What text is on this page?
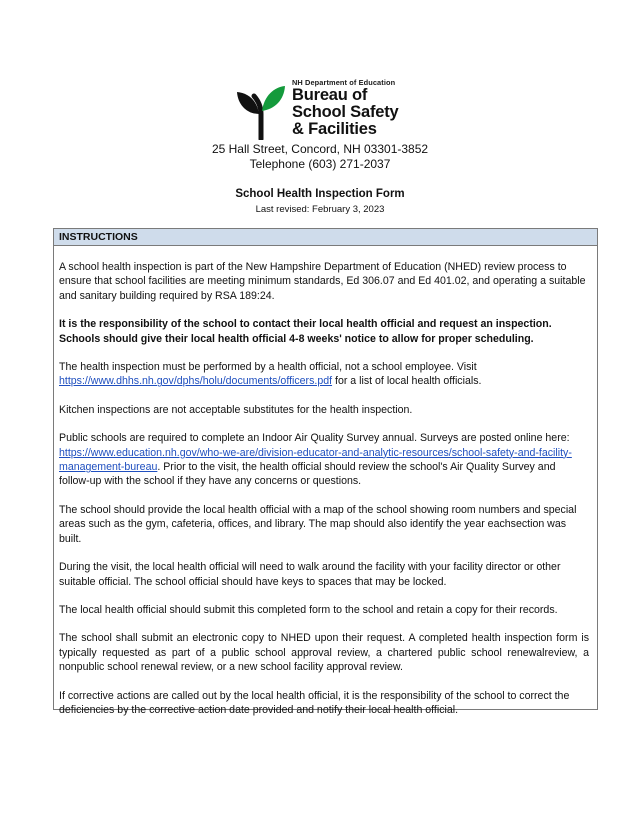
NH Department of Education
Bureau of
School Safety
& Facilities
25 Hall Street, Concord, NH 03301-3852
Telephone (603) 271-2037
School Health Inspection Form
Last revised: February 3, 2023
INSTRUCTIONS

A school health inspection is part of the New Hampshire Department of Education (NHED) review process to ensure that school facilities are meeting minimum standards, Ed 306.07 and Ed 401.02, and operating a suitable and sanitary building required by RSA 189:24.

It is the responsibility of the school to contact their local health official and request an inspection. Schools should give their local health official 4-8 weeks' notice to allow for proper scheduling.

The health inspection must be performed by a health official, not a school employee. Visit
https://www.dhhs.nh.gov/dphs/holu/documents/officers.pdf for a list of local health officials.

Kitchen inspections are not acceptable substitutes for the health inspection.

Public schools are required to complete an Indoor Air Quality Survey annual. Surveys are posted online here: https://www.education.nh.gov/who-we-are/division-educator-and-analytic-resources/school-safety-and-facility-management-bureau. Prior to the visit, the health official should review the school's Air Quality Survey and follow-up with the school if they have any concerns or questions.

The school should provide the local health official with a map of the school showing room numbers and special areas such as the gym, cafeteria, offices, and library. The map should also identify the year eachsection was built.

During the visit, the local health official will need to walk around the facility with your facility director or other suitable official. The school official should have keys to spaces that may be locked.

The local health official should submit this completed form to the school and retain a copy for their records.

The school shall submit an electronic copy to NHED upon their request. A completed health inspection form is typically requested as part of a public school approval review, a chartered public school renewalreview, a nonpublic school renewal review, or a new school facility approval review.

If corrective actions are called out by the local health official, it is the responsibility of the school to correct the deficiencies by the corrective action date provided and notify their local health official.
